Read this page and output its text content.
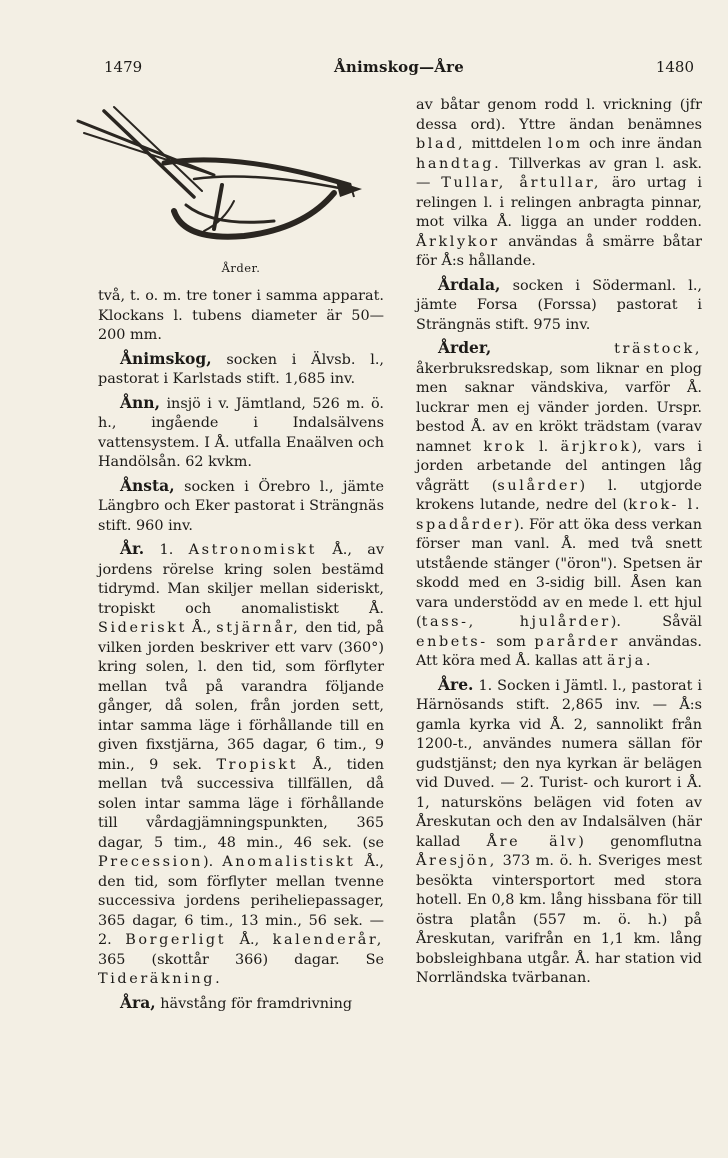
1479	Ånimskog—Åre	1480
Årder.

två, t. o. m. tre toner i samma apparat. Klockans l. tubens diameter är 50—200 mm.

Ånimskog, socken i Älvsb. l., pastorat i Karlstads stift. 1,685 inv.

Ånn, insjö i v. Jämtland, 526 m. ö. h., ingående i Indalsälvens vattensystem. I Å. utfalla Enaälven och Handölsån. 62 kvkm.

Ånsta, socken i Örebro l., jämte Längbro och Eker pastorat i Strängnäs stift. 960 inv.

År. 1. Astronomiskt Å., av jordens rörelse kring solen bestämd tidrymd. Man skiljer mellan sideriskt, tropiskt och anomalistiskt Å. Sideriskt Å., stjärnår, den tid, på vilken jorden beskriver ett varv (360°) kring solen, l. den tid, som förflyter mellan två på varandra följande gånger, då solen, från jorden sett, intar samma läge i förhållande till en given fixstjärna, 365 dagar, 6 tim., 9 min., 9 sek. Tropiskt Å., tiden mellan två successiva tillfällen, då solen intar samma läge i förhållande till vårdagjämningspunkten, 365 dagar, 5 tim., 48 min., 46 sek. (se Precession). Anomalistiskt Å., den tid, som förflyter mellan tvenne successiva jordens periheliepassager, 365 dagar, 6 tim., 13 min., 56 sek. — 2. Borgerligt Å., kalenderår, 365 (skottår 366) dagar. Se Tideräkning.

Åra, hävstång för framdrivning

av båtar genom rodd l. vrickning (jfr dessa ord). Yttre ändan benämnes blad, mittdelen lom och inre ändan handtag. Tillverkas av gran l. ask. — Tullar, årtullar, äro urtag i relingen l. i relingen anbragta pinnar, mot vilka Å. ligga an under rodden. Årklykor användas å smärre båtar för Å:s hållande.

Årdala, socken i Södermanl. l., jämte Forsa (Forssa) pastorat i Strängnäs stift. 975 inv.

Årder,	trästock, åkerbruksredskap, som liknar en plog men saknar vändskiva, varför Å. luckrar men ej vänder jorden. Urspr. bestod Å. av en krökt trädstam (varav namnet krok l. ärjkrok), vars i jorden arbetande del antingen låg vågrätt (sulårder) l. utgjorde krokens lutande, nedre del (krok- l. spadårder). För att öka dess verkan förser man vanl. Å. med två snett utstående stänger ("öron"). Spetsen är skodd med en 3-sidig bill. Åsen kan vara understödd av en mede l. ett hjul (tass-, hjulårder). Såväl enbets- som parårder användas. Att köra med Å. kallas att ärja.

Åre. 1. Socken i Jämtl. l., pastorat i Härnösands stift. 2,865 inv. — Å:s gamla kyrka vid Å. 2, sannolikt från 1200-t., användes numera sällan för gudstjänst; den nya kyrkan är belägen vid Duved. — 2. Turist- och kurort i Å. 1, natursköns belägen vid foten av Åreskutan och den av Indalsälven (här kallad Åre älv) genomflutna Åresjön, 373 m. ö. h. Sveriges mest besökta vintersportort med stora hotell. En 0,8 km. lång hissbana för till östra platån (557 m. ö. h.) på Åreskutan, varifrån en 1,1 km. lång bobsleighbana utgår. Å. har station vid Norrländska tvärbanan.
